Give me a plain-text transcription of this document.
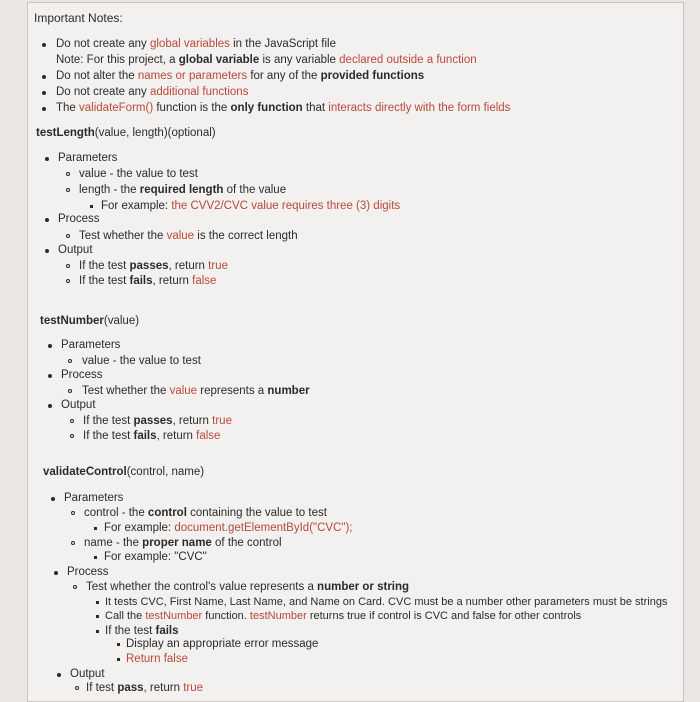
Important Notes:
Do not create any global variables in the JavaScript file
Note: For this project, a global variable is any variable declared outside a function
Do not alter the names or parameters for any of the provided functions
Do not create any additional functions
The validateForm() function is the only function that interacts directly with the form fields
testLength(value, length)(optional)
Parameters
value - the value to test
length - the required length of the value
For example: the CVV2/CVC value requires three (3) digits
Process
Test whether the value is the correct length
Output
If the test passes, return true
If the test fails, return false
testNumber(value)
Parameters
value - the value to test
Process
Test whether the value represents a number
Output
If the test passes, return true
If the test fails, return false
validateControl(control, name)
Parameters
control - the control containing the value to test
For example: document.getElementById("CVC");
name - the proper name of the control
For example: "CVC"
Process
Test whether the control's value represents a number or string
It tests CVC, First Name, Last Name, and Name on Card. CVC must be a number other parameters must be strings
Call the testNumber function. testNumber returns true if control is CVC and false for other controls
If the test fails
Display an appropriate error message
Return false
Output
If test pass, return true
